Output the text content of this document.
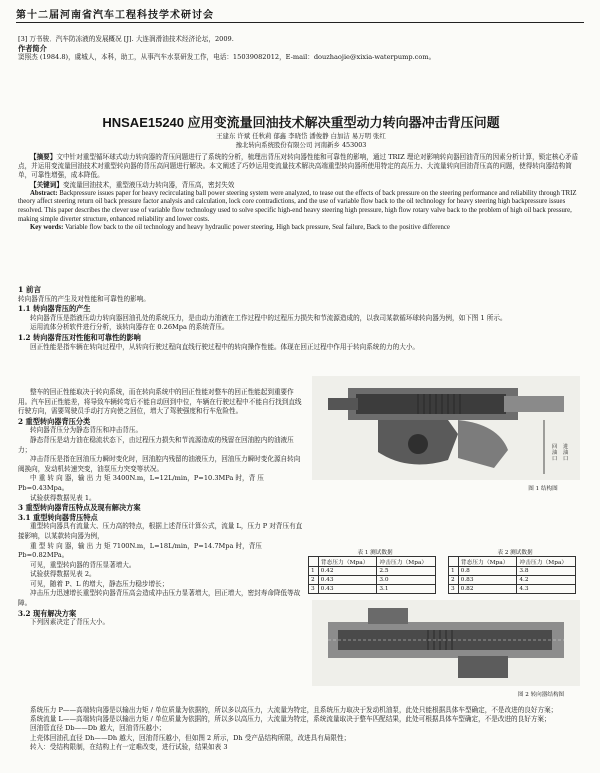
第十二届河南省汽车工程科技学术研讨会

[3] 万书骏．汽车防冻液的发展概况 [J]. 大连润滑油技术经济论坛，2009.

作者简介

窦照杰 (1984.8)，虞城人，本科，助工，从事汽车水泵研发工作，电话：15039082012，E-mail：douzhaojie@xixia-waterpump.com。

HNSAE15240 应用变流量回油技术解决重型动力转向器冲击背压问题
王建东 许斌 任秋莉 郁鑫 李晓岱 潘俊静 白加洁 易万明 张红
豫北转向系统股份有限公司 河南新乡 453003

【摘要】文中针对重型循环球式动力转向器的背压问题进行了系统的分析，梳理出背压对转向器性能和可靠性的影响，通过 TRIZ 理论对影响转向器回油背压的因素分析计算，锁定核心矛盾点，并运用变流量回油技术对重型转向器的背压高问题进行解决。本文阐述了巧妙运用变流量技术解决高端重型转向器所使用特定的高压力、大流量转向回油背压高的问题，使得转向器结构简单，可靠性增强，成本降低。

【关键词】变流量回油技术，重型液压动力转向器，背压高，密封失效

Abstract: Backpressure issues paper for heavy recirculating ball power steering system were analyzed, to tease out the effects of back pressure on the steering performance and reliability through TRIZ theory affect steering return oil back pressure factor analysis and calculation, lock core contradictions, and the use of variable flow back to the oil technology for heavy steering high backpressure issues resolved. This paper describes the clever use of variable flow technology used to solve specific high-end heavy steering high pressure, high flow rotary valve back to the problem of high oil back pressure, making simple diverter structure, enhanced reliability and lower costs.

Key words: Variable flow back to the oil technology and heavy hydraulic power steering, High back pressure, Seal failure, Back to the positive difference

1 前言

转向器背压的产生及对性能和可靠性的影响。

1.1 转向器背压的产生

转向器背压是指液压动力转向器回油孔处的系统压力，是由动力油液在工作过程中的过程压力损失和节流源造成的，以我司某款循环球转向器为例，如下图 1 所示。

运用流体分析软件进行分析，该转向器存在 0.26Mpa 的系统背压。

1.2 转向器背压对性能和可靠性的影响

回正性能是指车辆在转向过程中，从转向行驶过程向直线行驶过程中的转向操作性能。体现在回正过程中作用于转向系统的力的大小。

整车的回正性能取决于转向系统，而在转向系统中的回正性能对整车的回正性能起到重要作用。汽车回正性能差，将导致车辆转弯后不能自动回到中位，车辆在行驶过程中不能自行找到直线行驶方向，需要驾驶员手动打方向使之回位，增大了驾驶强度和行车危险性。

2 重型转向器背压分类

转向器背压分为静态背压和冲击背压。

静态背压是动力油在稳流状态下，由过程压力损失和节流源造成的残留在回油腔内的油液压力；

冲击背压是指在回油压力瞬时变化时，回油腔内残留的油液压力，回油压力瞬时变化源自转向阀换向，发动机转速突变，油泵压力突变等状况。

中 重 转 向 器，输 出 力 矩 3400N.m，L=12L/min，P=10.3MPa 时，背 压 Pb=0.43Mpa。

试验获得数据见表 1。

3 重型转向器背压特点及现有解决方案

3.1 重型转向器背压特点

重型转向器具有流量大、压力高的特点，根据上述背压计算公式，流量 L，压力 P 对背压有直接影响，以某款转向器为例，

重 型 转 向 器，输 出 力 矩 7100N.m，L=18L/min，P=14.7Mpa 时，背压 Pb=0.82MPa。

可见，重型转向器的背压显著增大。

试验获得数据见表 2。

可见，随着 P、L 的增大，静态压力稳步增长；

冲击压力迅速增长重型转向器背压高会造成冲击压力显著增大，回正增大，密封寿命降低等故障。

3.2 现有解决方案

下列因素决定了背压大小。

回油口
进油口
图 1 结构图
表 1 测试数据
	背态压力（Mpa）	冲击压力（Mpa）
1	0.42	2.5
2	0.43	3.0
3	0.43	3.1
表 2 测试数据
	背态压力（Mpa）	冲击压力（Mpa）
1	0.8	3.8
2	0.83	4.2
3	0.82	4.3
图 2 转向器结构图

系统压力 P——高端转向器是以输出力矩 / 单位质量为依据的，所以多以高压力，大流量为特定，且系统压力取决于发动机油泵，此处只能根据具体车型确定，不是改进的良好方案；

系统流量 L——高端转向器是以输出力矩 / 单位质量为依据的，所以多以高压力，大流量为特定，系统流量取决于整车匹配结果，此处可根据具体车型确定，不是改进的良好方案；

回油管直径 Db——Db 越大，回油背压越小；

上壳体回油孔直径 Dh——Dh 越大，回油背压越小，但如图 2 所示，Dh 受产品结构所限，改进具有局限性；

转入：受结构限制，在结构上有一定难改变，进行试验，结果如表 3
